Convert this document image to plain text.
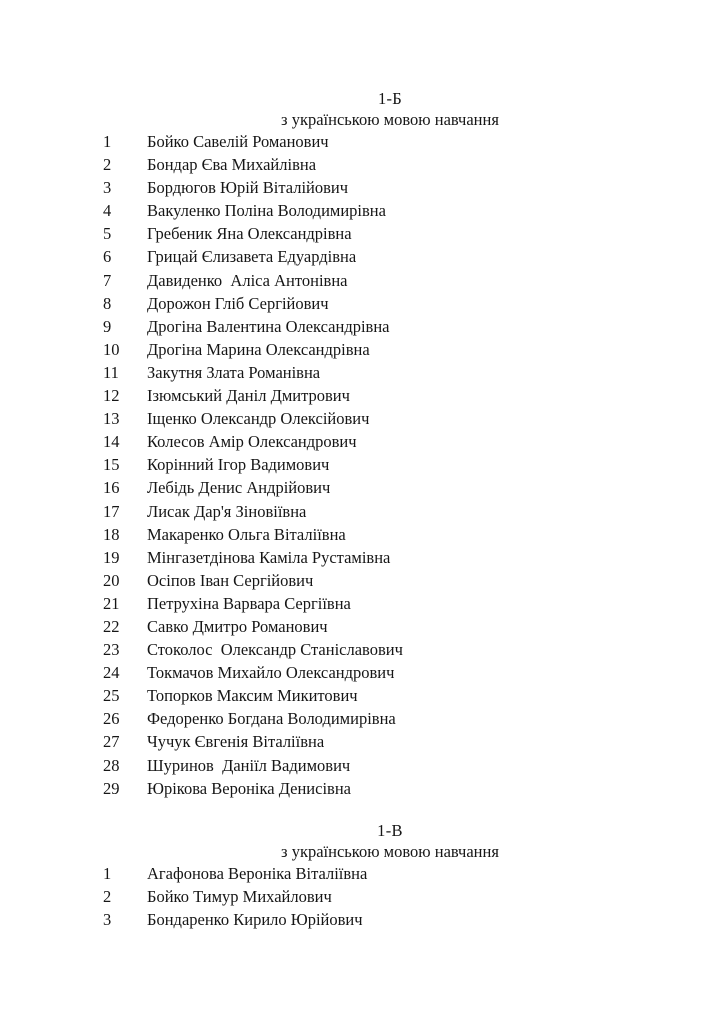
1-Б
з українською мовою навчання
1	Бойко Савелій Романович
2	Бондар Єва Михайлівна
3	Бордюгов Юрій Віталійович
4	Вакуленко Поліна Володимирівна
5	Гребеник Яна Олександрівна
6	Грицай Єлизавета Едуардівна
7	Давиденко  Аліса Антонівна
8	Дорожон Гліб Сергійович
9	Дрогіна Валентина Олександрівна
10	Дрогіна Марина Олександрівна
11	Закутня Злата Романівна
12	Ізюмський Даніл Дмитрович
13	Іщенко Олександр Олексійович
14	Колесов Амір Олександрович
15	Корінний Ігор Вадимович
16	Лебідь Денис Андрійович
17	Лисак Дар'я Зіновіївна
18	Макаренко Ольга Віталіївна
19	Мінгазетдінова Каміла Рустамівна
20	Осіпов Іван Сергійович
21	Петрухіна Варвара Сергіївна
22	Савко Дмитро Романович
23	Стоколос  Олександр Станіславович
24	Токмачов Михайло Олександрович
25	Топорков Максим Микитович
26	Федоренко Богдана Володимирівна
27	Чучук Євгенія Віталіївна
28	Шуринов  Даніїл Вадимович
29	Юрікова Вероніка Денисівна
1-В
з українською мовою навчання
1	Агафонова Вероніка Віталіївна
2	Бойко Тимур Михайлович
3	Бондаренко Кирило Юрійович
